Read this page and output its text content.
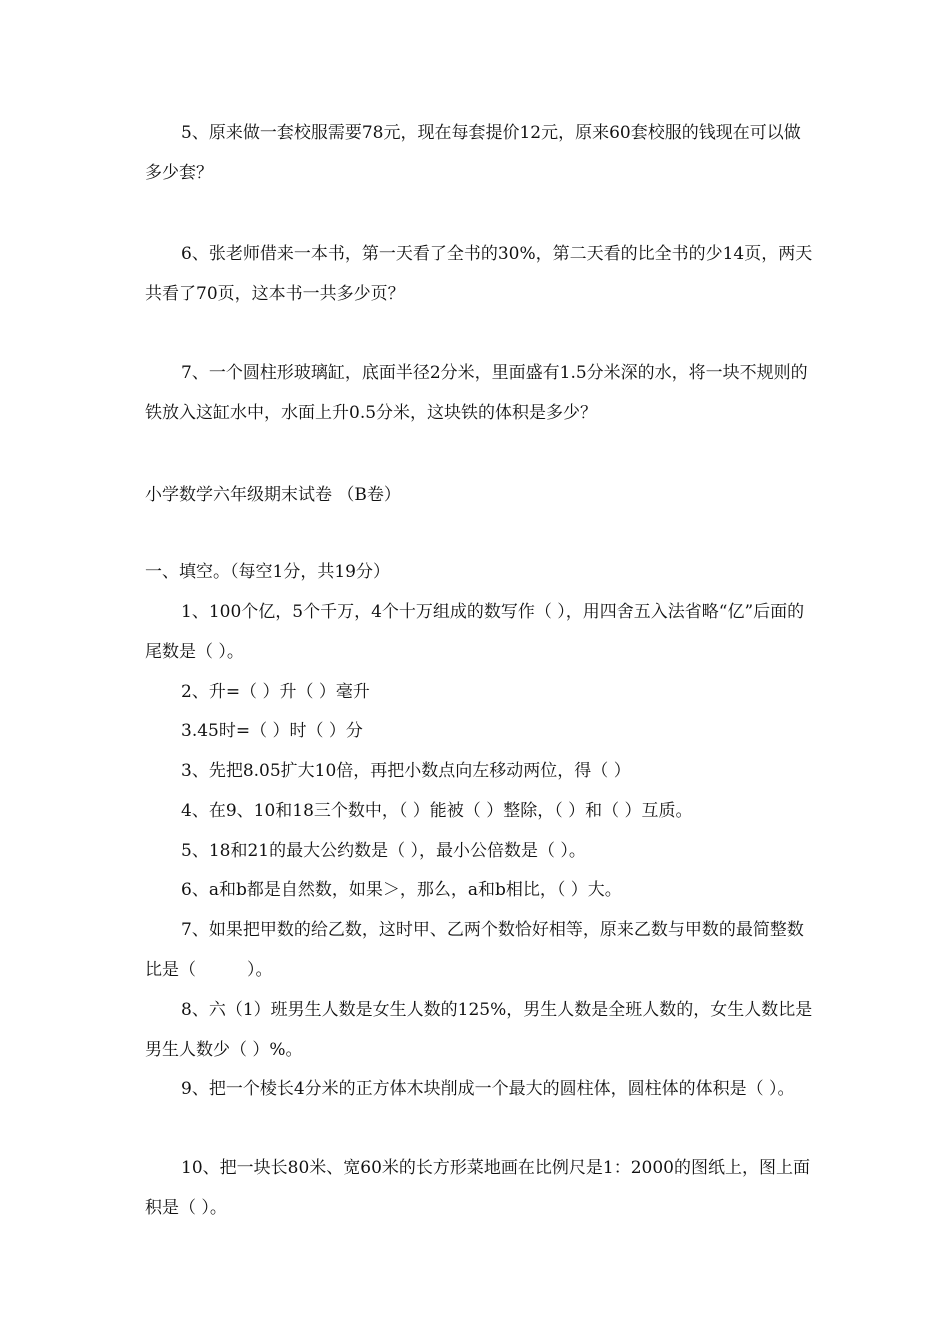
5、原来做一套校服需要78元，现在每套提价12元，原来60套校服的钱现在可以做多少套？

6、张老师借来一本书，第一天看了全书的30%，第二天看的比全书的少14页，两天共看了70页，这本书一共多少页？

7、一个圆柱形玻璃缸，底面半径2分米，里面盛有1.5分米深的水，将一块不规则的铁放入这缸水中，水面上升0.5分米，这块铁的体积是多少？

小学数学六年级期末试卷 （B卷）

一、填空。（每空1分，共19分）

1、100个亿，5个千万，4个十万组成的数写作（ ），用四舍五入法省略“亿”后面的尾数是（ ）。

2、升=（ ）升（ ）毫升

3.45时=（ ）时（ ）分

3、先把8.05扩大10倍，再把小数点向左移动两位，得（ ）

4、在9、10和18三个数中，（ ）能被（ ）整除，（ ）和（ ）互质。

5、18和21的最大公约数是（ ），最小公倍数是（ ）。

6、a和b都是自然数，如果＞，那么，a和b相比，（ ）大。

7、如果把甲数的给乙数，这时甲、乙两个数恰好相等，原来乙数与甲数的最简整数比是（　　　）。

8、六（1）班男生人数是女生人数的125%，男生人数是全班人数的，女生人数比是男生人数少（ ）%。

9、把一个棱长4分米的正方体木块削成一个最大的圆柱体，圆柱体的体积是（ ）。

10、把一块长80米、宽60米的长方形菜地画在比例尺是1：2000的图纸上，图上面积是（ ）。
